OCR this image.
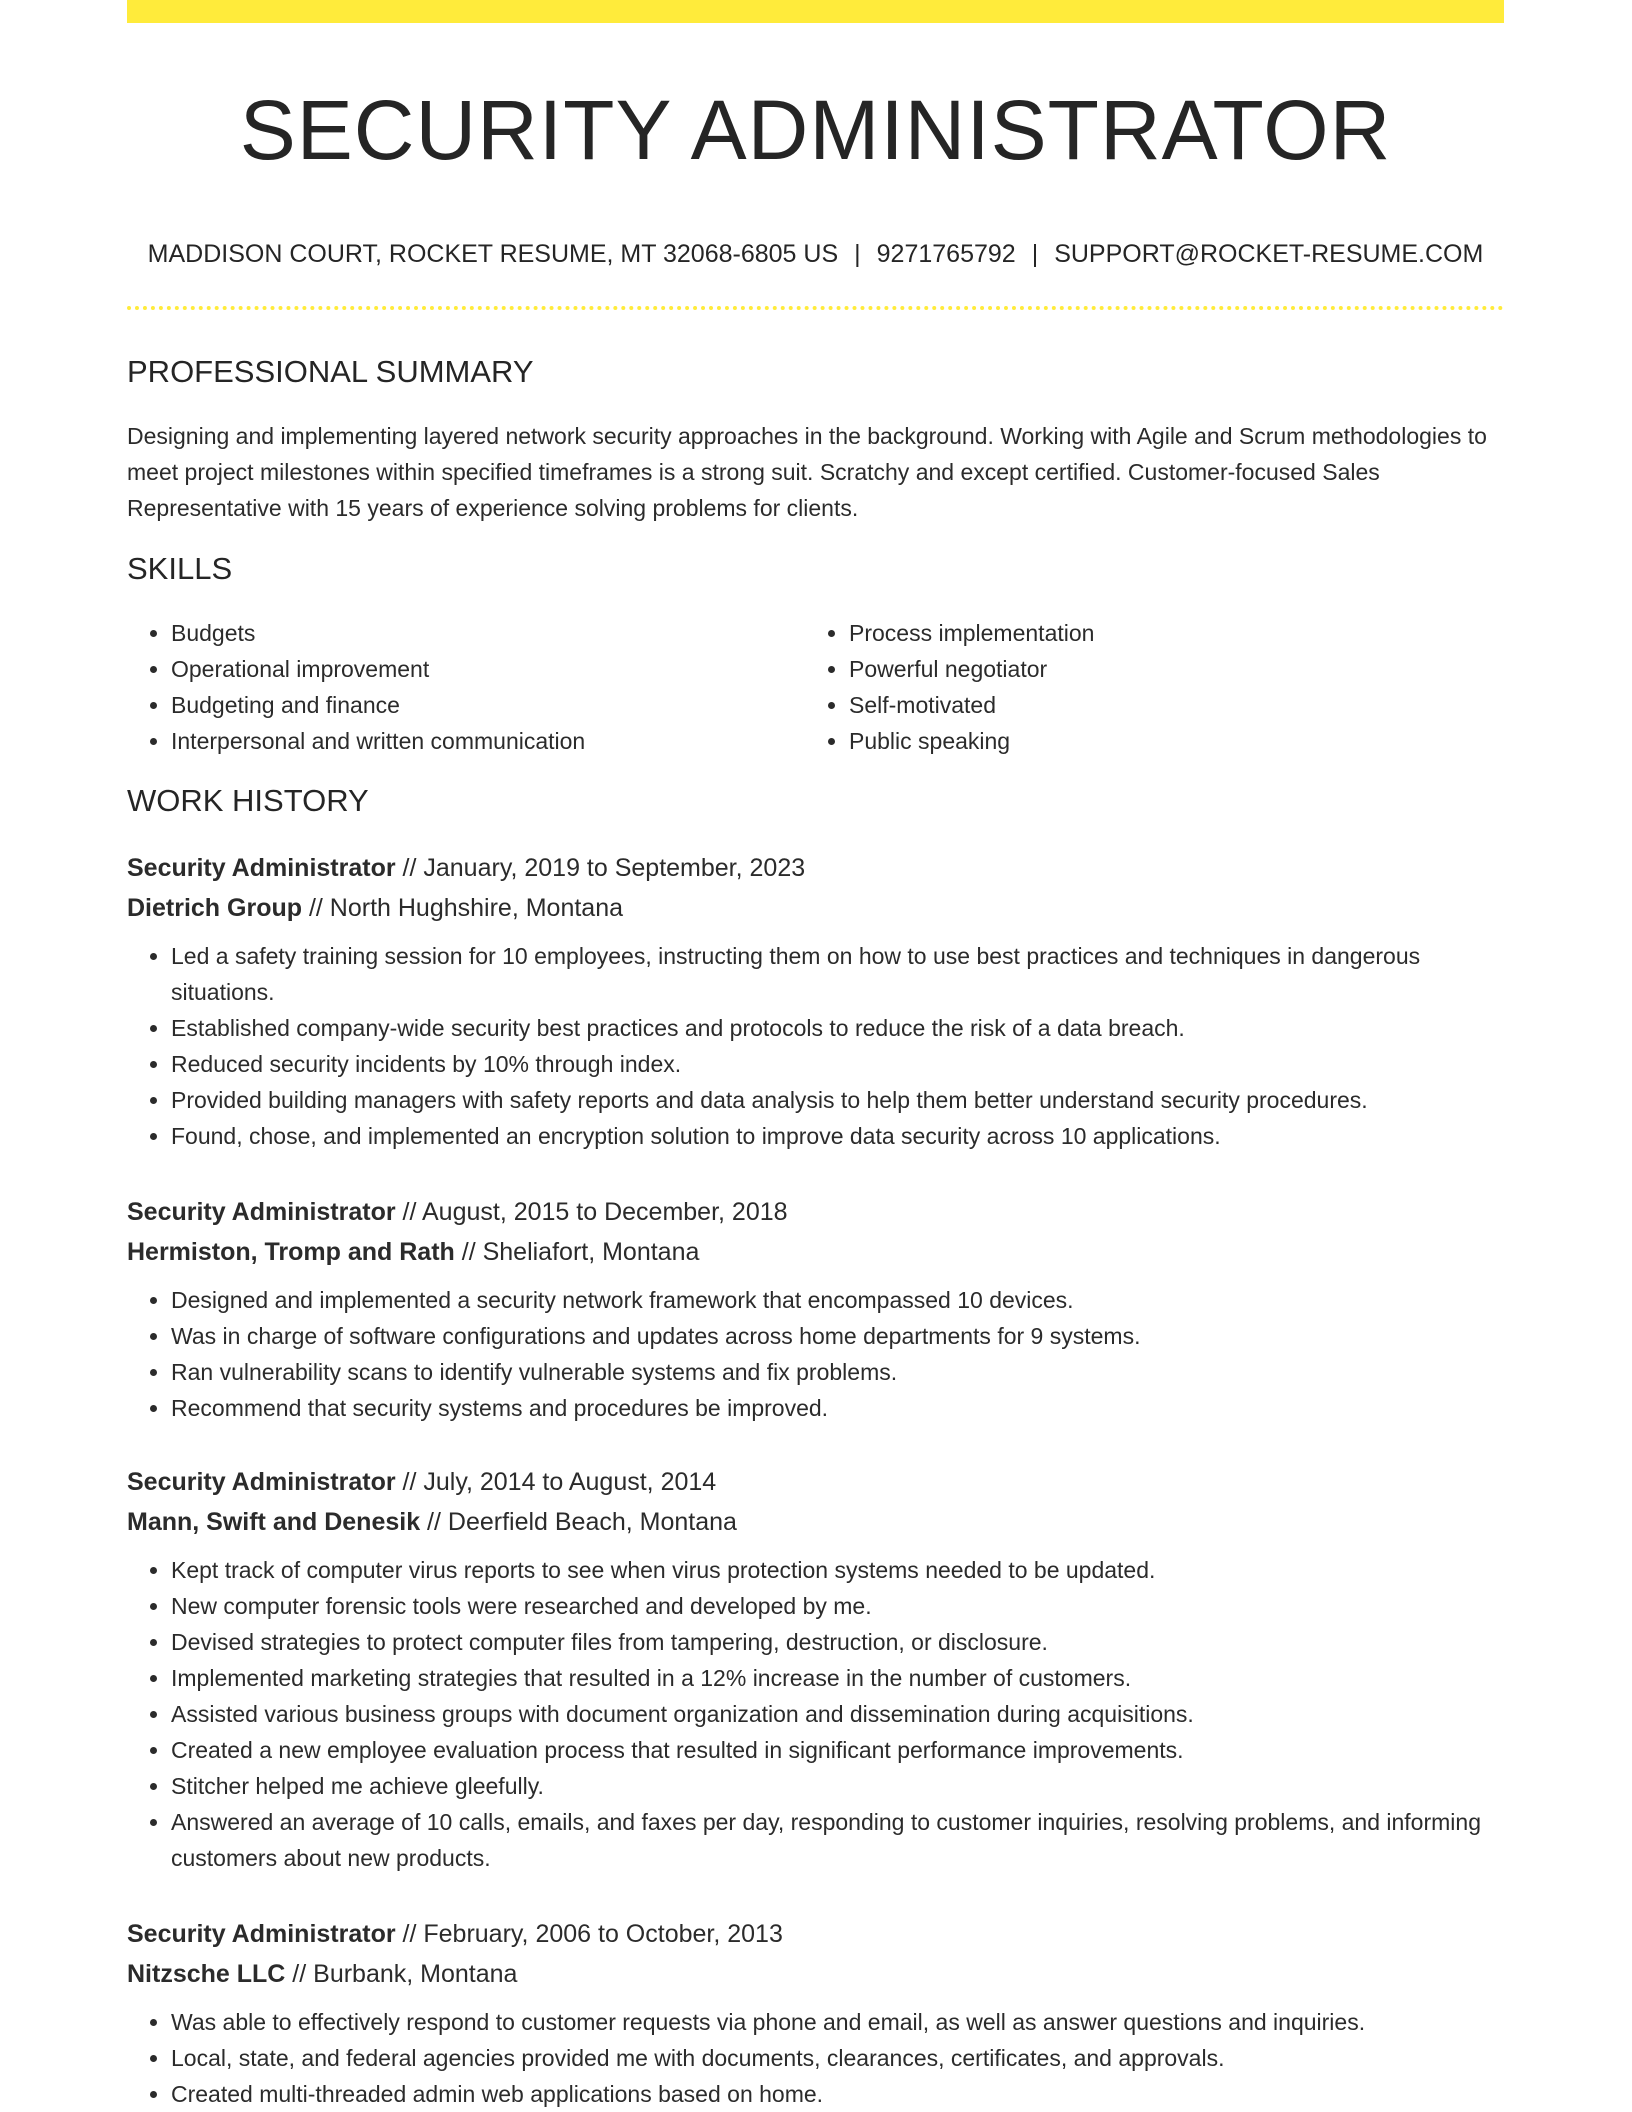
SECURITY ADMINISTRATOR
MADDISON COURT, ROCKET RESUME, MT 32068-6805 US | 9271765792 | SUPPORT@ROCKET-RESUME.COM
PROFESSIONAL SUMMARY

Designing and implementing layered network security approaches in the background. Working with Agile and Scrum methodologies to meet project milestones within specified timeframes is a strong suit. Scratchy and except certified. Customer-focused Sales Representative with 15 years of experience solving problems for clients.

SKILLS
• Budgets
• Operational improvement
• Budgeting and finance
• Interpersonal and written communication
• Process implementation
• Powerful negotiator
• Self-motivated
• Public speaking
WORK HISTORY
Security Administrator // January, 2019 to September, 2023
Dietrich Group // North Hughshire, Montana
• Led a safety training session for 10 employees, instructing them on how to use best practices and techniques in dangerous situations.
• Established company-wide security best practices and protocols to reduce the risk of a data breach.
• Reduced security incidents by 10% through index.
• Provided building managers with safety reports and data analysis to help them better understand security procedures.
• Found, chose, and implemented an encryption solution to improve data security across 10 applications.
Security Administrator // August, 2015 to December, 2018
Hermiston, Tromp and Rath // Sheliafort, Montana
• Designed and implemented a security network framework that encompassed 10 devices.
• Was in charge of software configurations and updates across home departments for 9 systems.
• Ran vulnerability scans to identify vulnerable systems and fix problems.
• Recommend that security systems and procedures be improved.
Security Administrator // July, 2014 to August, 2014
Mann, Swift and Denesik // Deerfield Beach, Montana
• Kept track of computer virus reports to see when virus protection systems needed to be updated.
• New computer forensic tools were researched and developed by me.
• Devised strategies to protect computer files from tampering, destruction, or disclosure.
• Implemented marketing strategies that resulted in a 12% increase in the number of customers.
• Assisted various business groups with document organization and dissemination during acquisitions.
• Created a new employee evaluation process that resulted in significant performance improvements.
• Stitcher helped me achieve gleefully.
• Answered an average of 10 calls, emails, and faxes per day, responding to customer inquiries, resolving problems, and informing customers about new products.
Security Administrator // February, 2006 to October, 2013
Nitzsche LLC // Burbank, Montana
• Was able to effectively respond to customer requests via phone and email, as well as answer questions and inquiries.
• Local, state, and federal agencies provided me with documents, clearances, certificates, and approvals.
• Created multi-threaded admin web applications based on home.
